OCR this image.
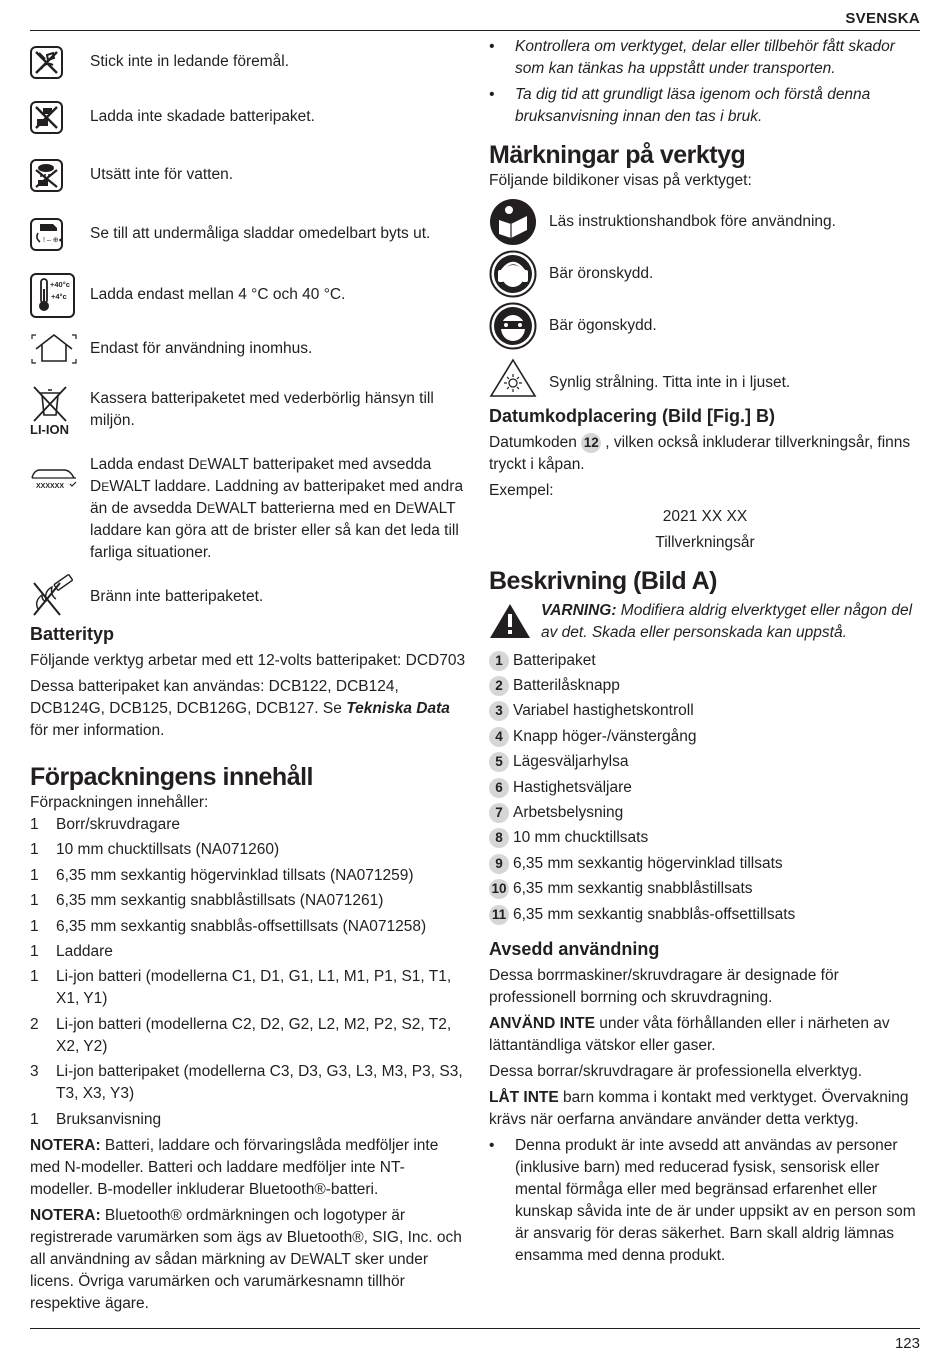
SVENSKA
Stick inte in ledande föremål.
Ladda inte skadade batteripaket.
Utsätt inte för vatten.
! – ⊕●	Se till att undermåliga sladdar omedelbart byts ut.
+40°c
+4°c	Ladda endast mellan 4 °C och 40 °C.
Endast för användning inomhus.
LI-ION
Kassera batteripaketet med vederbörlig hänsyn till miljön.
XXXXXX
Ladda endast DEWALT batteripaket med avsedda DEWALT laddare. Laddning av batteripaket med andra än de avsedda DEWALT batterierna med en DEWALT laddare kan göra att de brister eller så kan det leda till farliga situationer.
Bränn inte batteripaketet.
Batterityp

Följande verktyg arbetar med ett 12-volts batteripaket: DCD703

Dessa batteripaket kan användas: DCB122, DCB124, DCB124G, DCB125, DCB126G, DCB127. Se Tekniska Data för mer information.

Förpackningens innehåll

Förpackningen innehåller:

1	Borr/skruvdragare
1	10 mm chucktillsats (NA071260)
1	6,35 mm sexkantig högervinklad tillsats (NA071259)
1	6,35 mm sexkantig snabblåstillsats (NA071261)
1	6,35 mm sexkantig snabblås-offsettillsats (NA071258)
1	Laddare
1	Li-jon batteri (modellerna C1, D1, G1, L1, M1, P1, S1, T1, X1, Y1)
2	Li-jon batteri (modellerna C2, D2, G2, L2, M2, P2, S2, T2, X2, Y2)
3	Li-jon batteripaket (modellerna C3, D3, G3, L3, M3, P3, S3, T3, X3, Y3)
1	Bruksanvisning

NOTERA: Batteri, laddare och förvaringslåda medföljer inte med N-modeller. Batteri och laddare medföljer inte NT-modeller. B-modeller inkluderar Bluetooth®-batteri.

NOTERA: Bluetooth® ordmärkningen och logotyper är registrerade varumärken som ägs av Bluetooth®, SIG, Inc. och all användning av sådan märkning av DEWALT sker under licens. Övriga varumärken och varumärkesnamn tillhör respektive ägare.

•	Kontrollera om verktyget, delar eller tillbehör fått skador som kan tänkas ha uppstått under transporten.
•	Ta dig tid att grundligt läsa igenom och förstå denna bruksanvisning innan den tas i bruk.
Märkningar på verktyg

Följande bildikoner visas på verktyget:

Läs instruktionshandbok före användning.
Bär öronskydd.
Bär ögonskydd.
Synlig strålning. Titta inte in i ljuset.
Datumkodplacering (Bild [Fig.] B)

Datumkoden 12 , vilken också inkluderar tillverkningsår, finns tryckt i kåpan.

Exempel:

2021 XX XX

Tillverkningsår

Beskrivning (Bild A)
VARNING: Modifiera aldrig elverktyget eller någon del av det. Skada eller personskada kan uppstå.
1 Batteripaket
2 Batterilåsknapp
3 Variabel hastighetskontroll
4 Knapp höger-/vänstergång
5 Lägesväljarhylsa
6 Hastighetsväljare
7 Arbetsbelysning
8 10 mm chucktillsats
9 6,35 mm sexkantig högervinklad tillsats
10 6,35 mm sexkantig snabblåstillsats
11 6,35 mm sexkantig snabblås-offsettillsats
Avsedd användning

Dessa borrmaskiner/skruvdragare är designade för professionell borrning och skruvdragning.

ANVÄND INTE under våta förhållanden eller i närheten av lättantändliga vätskor eller gaser.

Dessa borrar/skruvdragare är professionella elverktyg.

LÅT INTE barn komma i kontakt med verktyget. Övervakning krävs när oerfarna användare använder detta verktyg.

•	Denna produkt är inte avsedd att användas av personer (inklusive barn) med reducerad fysisk, sensorisk eller mental förmåga eller med begränsad erfarenhet eller kunskap såvida inte de är under uppsikt av en person som är ansvarig för deras säkerhet. Barn skall aldrig lämnas ensamma med denna produkt.
123
